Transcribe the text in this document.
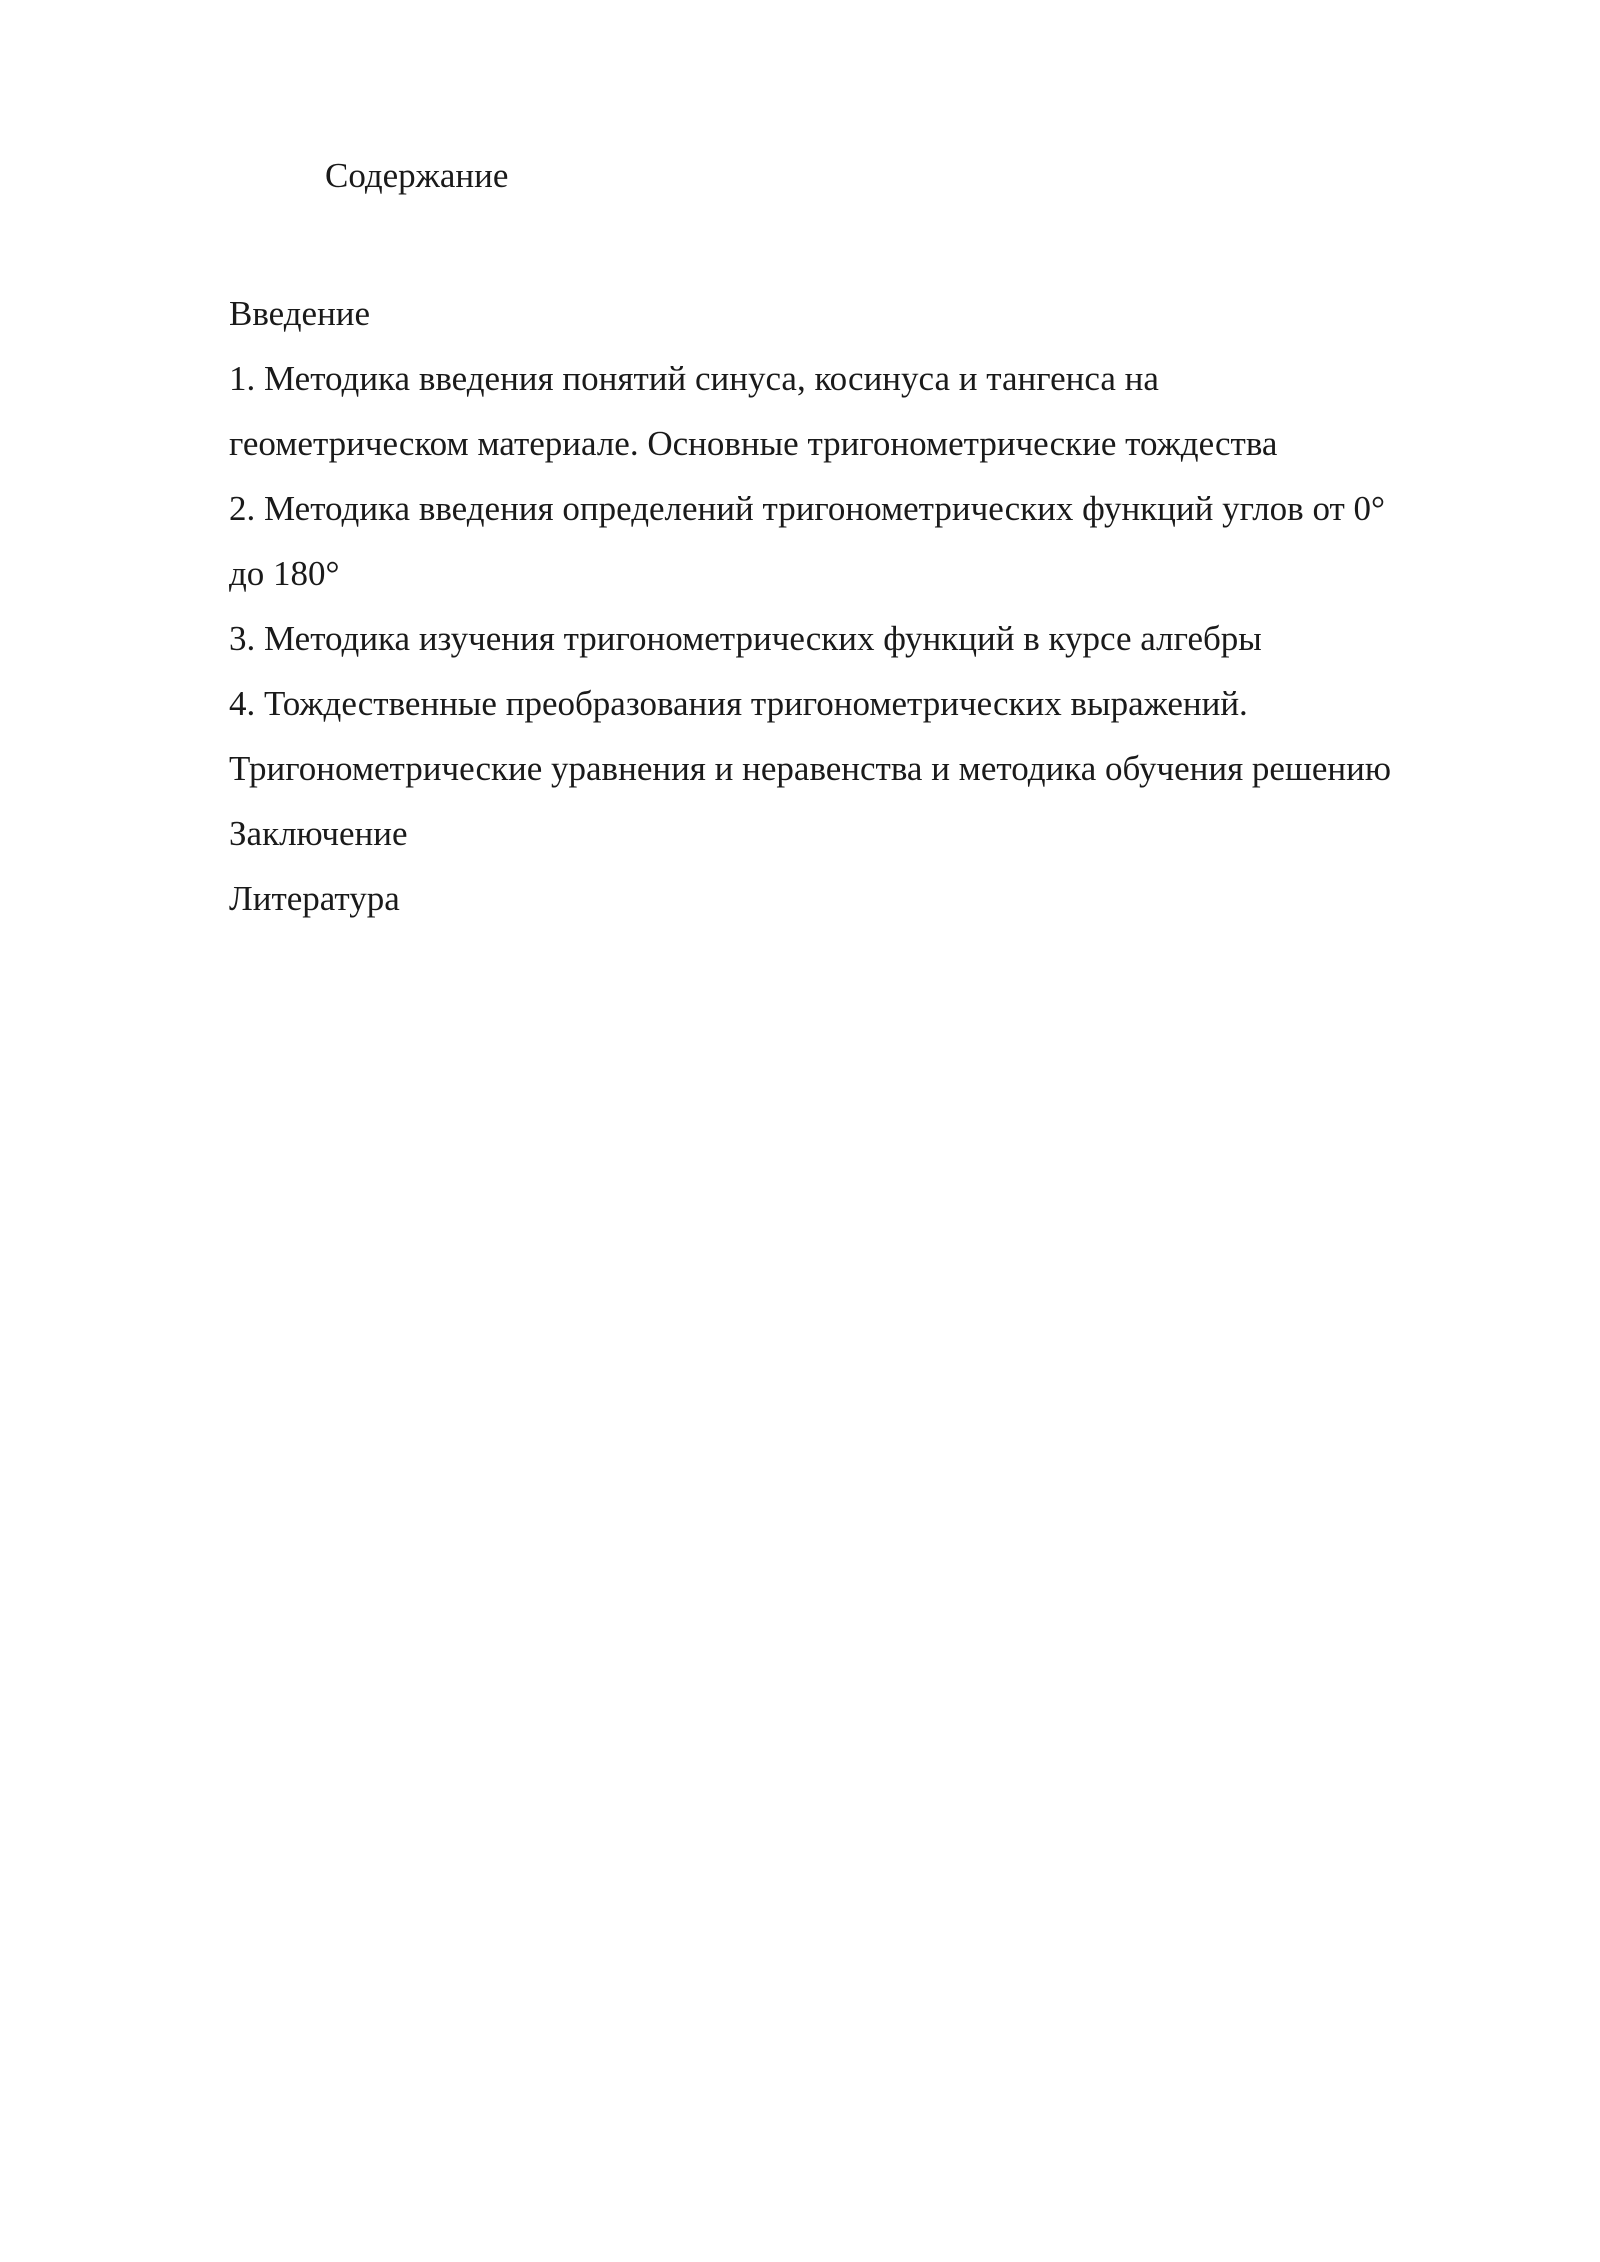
Содержание
Введение
1. Методика введения понятий синуса, косинуса и тангенса на
геометрическом материале. Основные тригонометрические тождества
2. Методика введения определений тригонометрических функций углов от 0°
до 180°
3. Методика изучения тригонометрических функций в курсе алгебры
4. Тождественные преобразования тригонометрических выражений.
Тригонометрические уравнения и неравенства и методика обучения решению
Заключение
Литература
